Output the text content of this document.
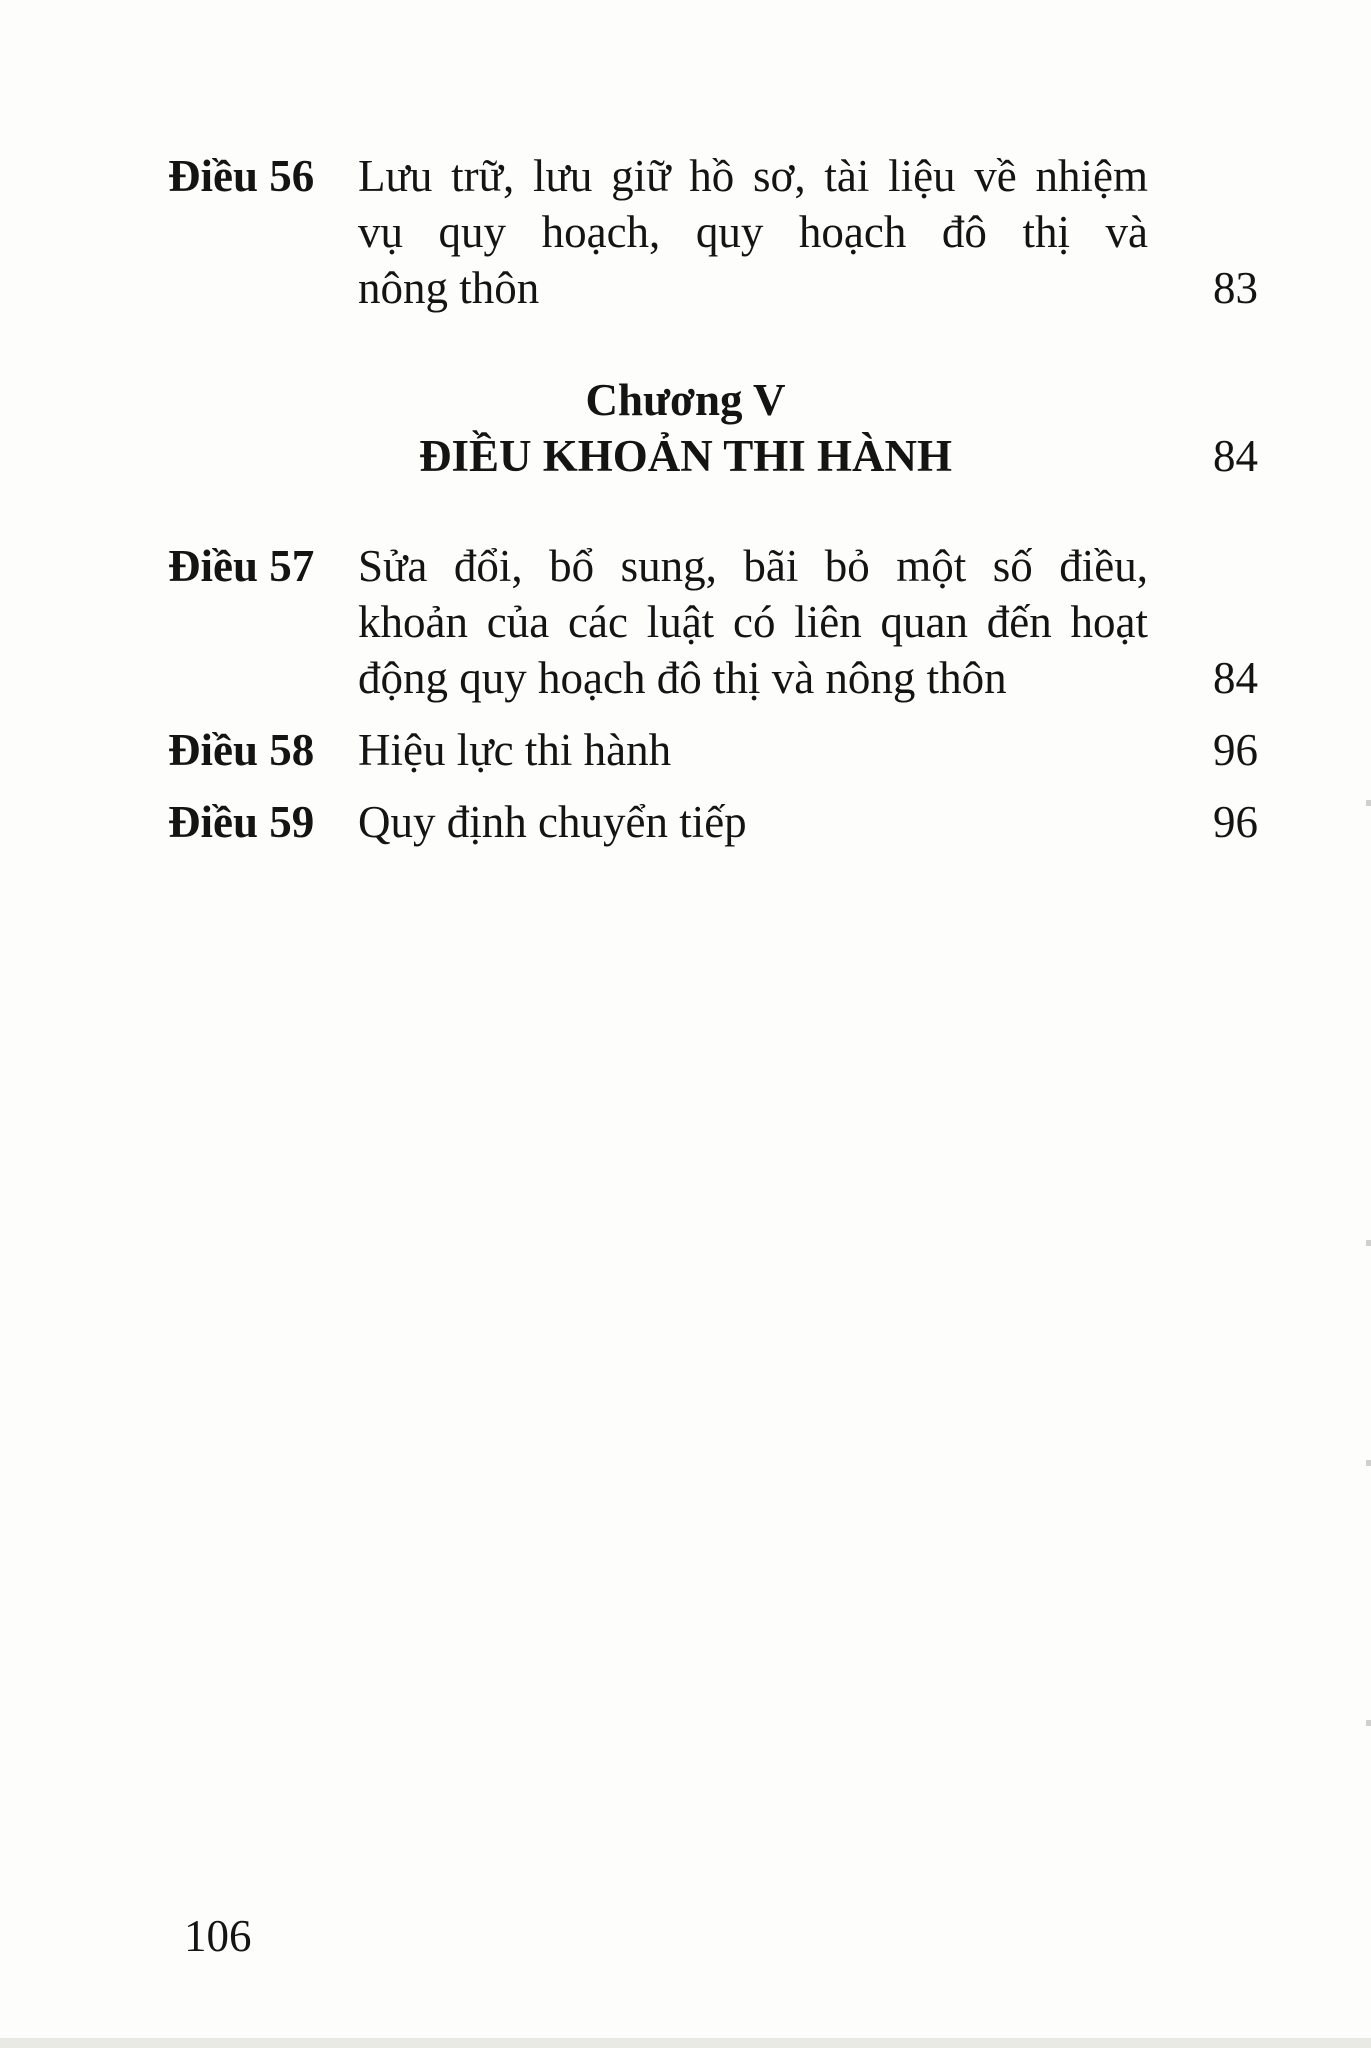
Điều 56 Lưu trữ, lưu giữ hồ sơ, tài liệu về nhiệm
vụ quy hoạch, quy hoạch đô thị và
nông thôn	83
Chương V
ĐIỀU KHOẢN THI HÀNH	84
Điều 57 Sửa đổi, bổ sung, bãi bỏ một số điều,
khoản của các luật có liên quan đến hoạt
động quy hoạch đô thị và nông thôn	84
Điều 58 Hiệu lực thi hành	96
Điều 59 Quy định chuyển tiếp	96
106
